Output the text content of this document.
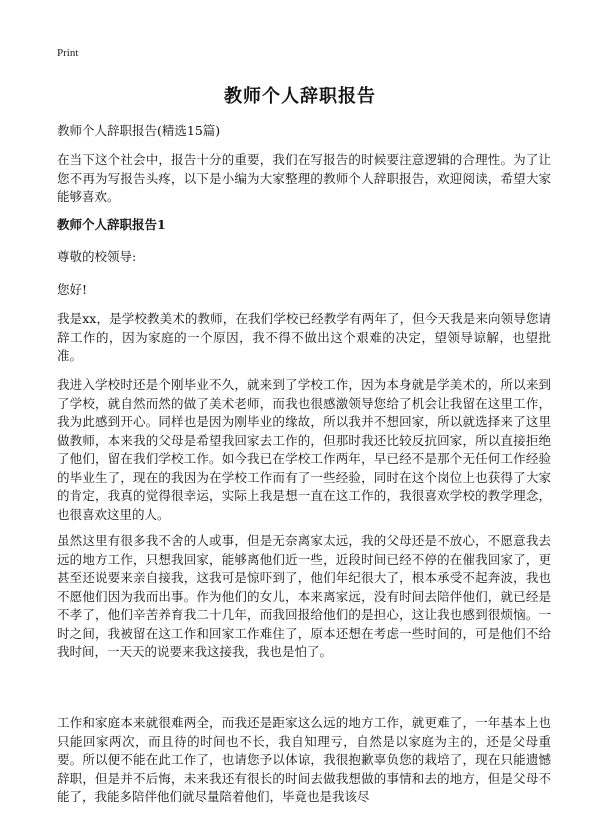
Print
教师个人辞职报告
教师个人辞职报告(精选15篇)

在当下这个社会中，报告十分的重要，我们在写报告的时候要注意逻辑的合理性。为了让您不再为写报告头疼，以下是小编为大家整理的教师个人辞职报告，欢迎阅读，希望大家能够喜欢。

教师个人辞职报告1

尊敬的校领导:

您好!

我是xx，是学校教美术的教师，在我们学校已经教学有两年了，但今天我是来向领导您请辞工作的，因为家庭的一个原因，我不得不做出这个艰难的决定，望领导谅解，也望批准。

我进入学校时还是个刚毕业不久，就来到了学校工作，因为本身就是学美术的，所以来到了学校，就自然而然的做了美术老师，而我也很感激领导您给了机会让我留在这里工作，我为此感到开心。同样也是因为刚毕业的缘故，所以我并不想回家，所以就选择来了这里做教师，本来我的父母是希望我回家去工作的，但那时我还比较反抗回家，所以直接拒绝了他们，留在我们学校工作。如今我已在学校工作两年，早已经不是那个无任何工作经验的毕业生了，现在的我因为在学校工作而有了一些经验，同时在这个岗位上也获得了大家的肯定，我真的觉得很幸运，实际上我是想一直在这工作的，我很喜欢学校的教学理念，也很喜欢这里的人。

虽然这里有很多我不舍的人或事，但是无奈离家太远，我的父母还是不放心，不愿意我去远的地方工作，只想我回家，能够离他们近一些，近段时间已经不停的在催我回家了，更甚至还说要来亲自接我，这我可是惊吓到了，他们年纪很大了，根本承受不起奔波，我也不愿他们因为我而出事。作为他们的女儿，本来离家远，没有时间去陪伴他们，就已经是不孝了，他们辛苦养育我二十几年，而我回报给他们的是担心，这让我也感到很烦恼。一时之间，我被留在这工作和回家工作难住了，原本还想在考虑一些时间的，可是他们不给我时间，一天天的说要来我这接我，我也是怕了。

工作和家庭本来就很难两全，而我还是距家这么远的地方工作，就更难了，一年基本上也只能回家两次，而且待的时间也不长，我自知理亏，自然是以家庭为主的，还是父母重要。所以便不能在此工作了，也请您予以体谅，我很抱歉辜负您的栽培了，现在只能遗憾辞职，但是并不后悔，未来我还有很长的时间去做我想做的事情和去的地方，但是父母不能了，我能多陪伴他们就尽量陪着他们，毕竟也是我该尽
